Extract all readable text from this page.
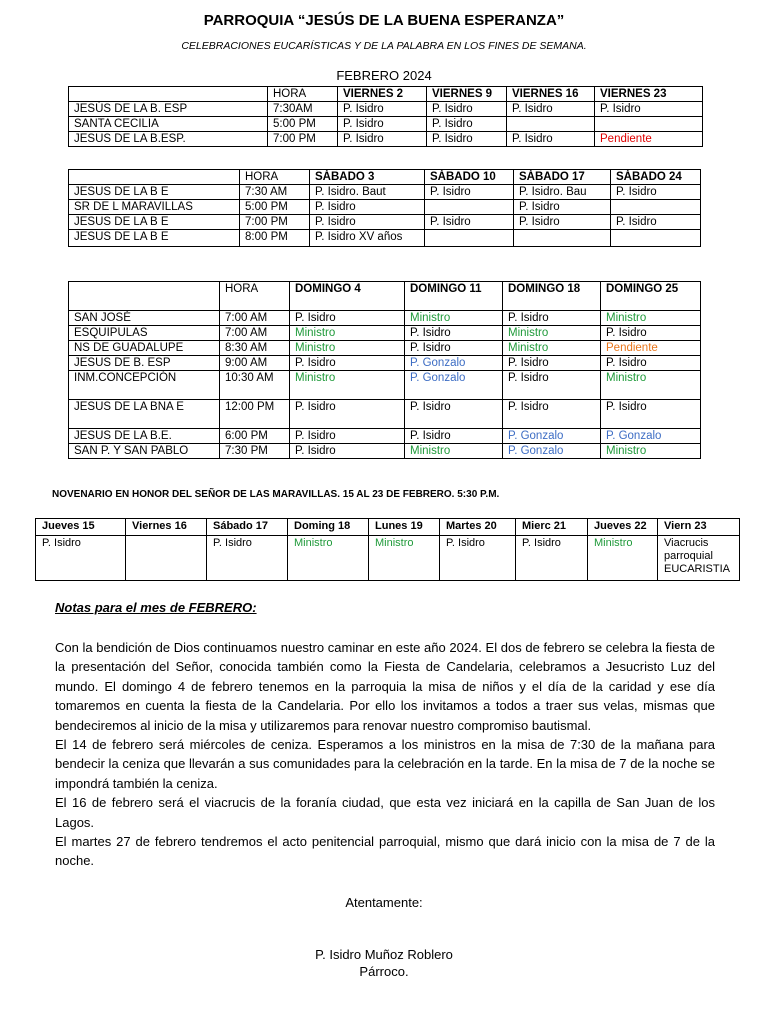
PARROQUIA “JESÚS DE LA BUENA ESPERANZA”
CELEBRACIONES EUCARÍSTICAS Y DE LA PALABRA EN LOS FINES DE SEMANA.
FEBRERO 2024
	HORA	VIERNES 2	VIERNES 9	VIERNES 16	VIERNES 23
JESÚS DE LA B. ESP	7:30AM	P. Isidro	P. Isidro	P. Isidro	P. Isidro
SANTA CECILIA	5:00 PM	P. Isidro	P. Isidro		
JESUS DE LA B.ESP.	7:00 PM	P. Isidro	P. Isidro	P. Isidro	Pendiente
	HORA	SÁBADO 3	SÁBADO 10	SÁBADO 17	SÁBADO 24
JESUS DE LA B E	7:30 AM	P. Isidro. Baut	P. Isidro	P. Isidro. Bau	P. Isidro
SR DE L MARAVILLAS	5:00 PM	P. Isidro		P. Isidro	
JESUS DE LA B E	7:00 PM	P. Isidro	P. Isidro	P. Isidro	P. Isidro
JESUS DE LA B E	8:00 PM	P. Isidro XV años			
	HORA	DOMINGO 4	DOMINGO 11	DOMINGO 18	DOMINGO 25
SAN JOSÉ	7:00 AM	P. Isidro	Ministro	P. Isidro	Ministro
ESQUIPULAS	7:00 AM	Ministro	P. Isidro	Ministro	P. Isidro
NS DE GUADALUPE	8:30 AM	Ministro	P. Isidro	Ministro	Pendiente
JESUS DE B. ESP	9:00 AM	P. Isidro	P. Gonzalo	P. Isidro	P. Isidro
INM.CONCEPCIÓN	10:30 AM	Ministro	P. Gonzalo	P. Isidro	Ministro
JESUS DE LA BNA E	12:00 PM	P. Isidro	P. Isidro	P. Isidro	P. Isidro
JESUS DE LA B.E.	6:00 PM	P. Isidro	P. Isidro	P. Gonzalo	P. Gonzalo
SAN P. Y SAN PABLO	7:30 PM	P. Isidro	Ministro	P. Gonzalo	Ministro
NOVENARIO EN HONOR DEL SEÑOR DE LAS MARAVILLAS. 15 AL 23 DE FEBRERO. 5:30 P.M.
Jueves 15	Viernes 16	Sábado 17	Doming 18	Lunes 19	Martes 20	Mierc 21	Jueves 22	Viern 23
P. Isidro		P. Isidro	Ministro	Ministro	P. Isidro	P. Isidro	Ministro	Viacrucis parroquial EUCARISTIA
Notas para el mes de FEBRERO:

Con la bendición de Dios continuamos nuestro caminar en este año 2024. El dos de febrero se celebra la fiesta de la presentación del Señor, conocida también como la Fiesta de Candelaria, celebramos a Jesucristo Luz del mundo. El domingo 4 de febrero tenemos en la parroquia la misa de niños y el día de la caridad y ese día tomaremos en cuenta la fiesta de la Candelaria. Por ello los invitamos a todos a traer sus velas, mismas que bendeciremos al inicio de la misa y utilizaremos para renovar nuestro compromiso bautismal.

El 14 de febrero será miércoles de ceniza. Esperamos a los ministros en la misa de 7:30 de la mañana para bendecir la ceniza que llevarán a sus comunidades para la celebración en la tarde. En la misa de 7 de la noche se impondrá también la ceniza.

El 16 de febrero será el viacrucis de la foranía ciudad, que esta vez iniciará en la capilla de San Juan de los Lagos.

El martes 27 de febrero tendremos el acto penitencial parroquial, mismo que dará inicio con la misa de 7 de la noche.

Atentamente:
P. Isidro Muñoz Roblero
Párroco.
